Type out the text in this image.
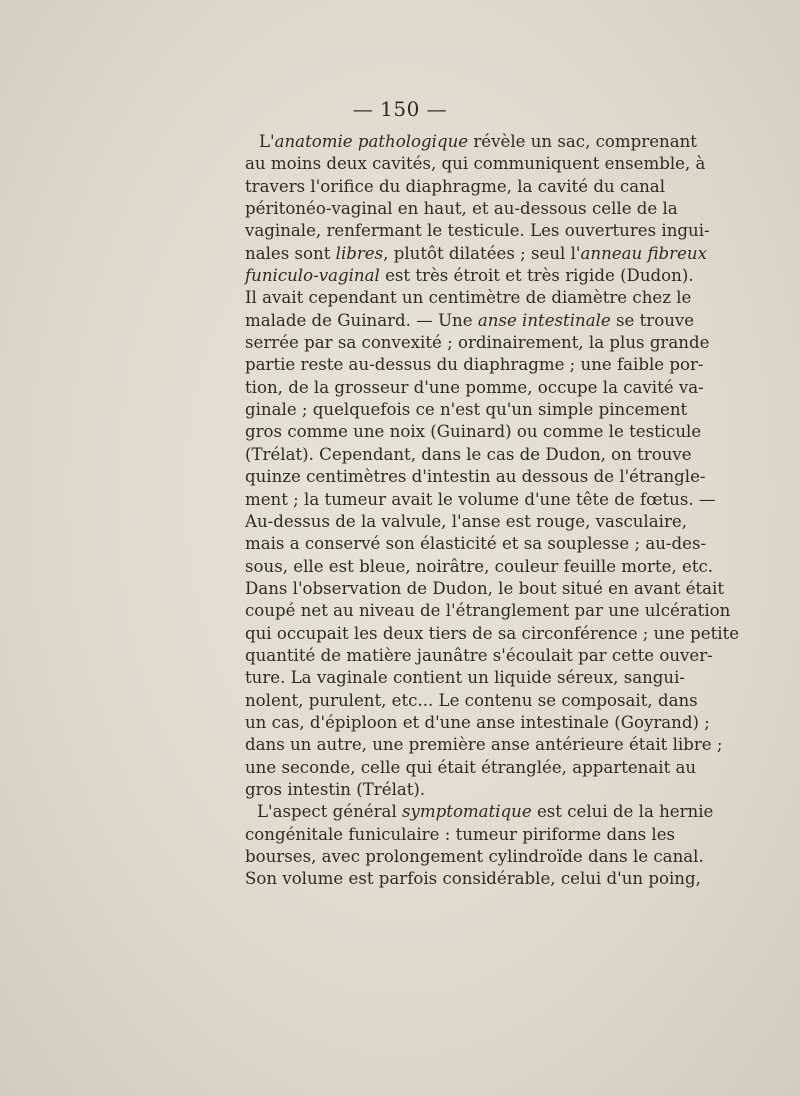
— 150 —
L'anatomie pathologique révèle un sac, comprenant
au moins deux cavités, qui communiquent ensemble, à
travers l'orifice du diaphragme, la cavité du canal
péritonéo-vaginal en haut, et au-dessous celle de la
vaginale, renfermant le testicule. Les ouvertures ingui-
nales sont libres, plutôt dilatées ; seul l'anneau fibreux
funiculo-vaginal est très étroit et très rigide (Dudon).
Il avait cependant un centimètre de diamètre chez le
malade de Guinard. — Une anse intestinale se trouve
serrée par sa convexité ; ordinairement, la plus grande
partie reste au-dessus du diaphragme ; une faible por-
tion, de la grosseur d'une pomme, occupe la cavité va-
ginale ; quelquefois ce n'est qu'un simple pincement
gros comme une noix (Guinard) ou comme le testicule
(Trélat). Cependant, dans le cas de Dudon, on trouve
quinze centimètres d'intestin au dessous de l'étrangle-
ment ; la tumeur avait le volume d'une tête de fœtus. —
Au-dessus de la valvule, l'anse est rouge, vasculaire,
mais a conservé son élasticité et sa souplesse ; au-des-
sous, elle est bleue, noirâtre, couleur feuille morte, etc.
Dans l'observation de Dudon, le bout situé en avant était
coupé net au niveau de l'étranglement par une ulcération
qui occupait les deux tiers de sa circonférence ; une petite
quantité de matière jaunâtre s'écoulait par cette ouver-
ture. La vaginale contient un liquide séreux, sangui-
nolent, purulent, etc... Le contenu se composait, dans
un cas, d'épiploon et d'une anse intestinale (Goyrand) ;
dans un autre, une première anse antérieure était libre ;
une seconde, celle qui était étranglée, appartenait au
gros intestin (Trélat).
L'aspect général symptomatique est celui de la hernie
congénitale funiculaire : tumeur piriforme dans les
bourses, avec prolongement cylindroïde dans le canal.
Son volume est parfois considérable, celui d'un poing,
